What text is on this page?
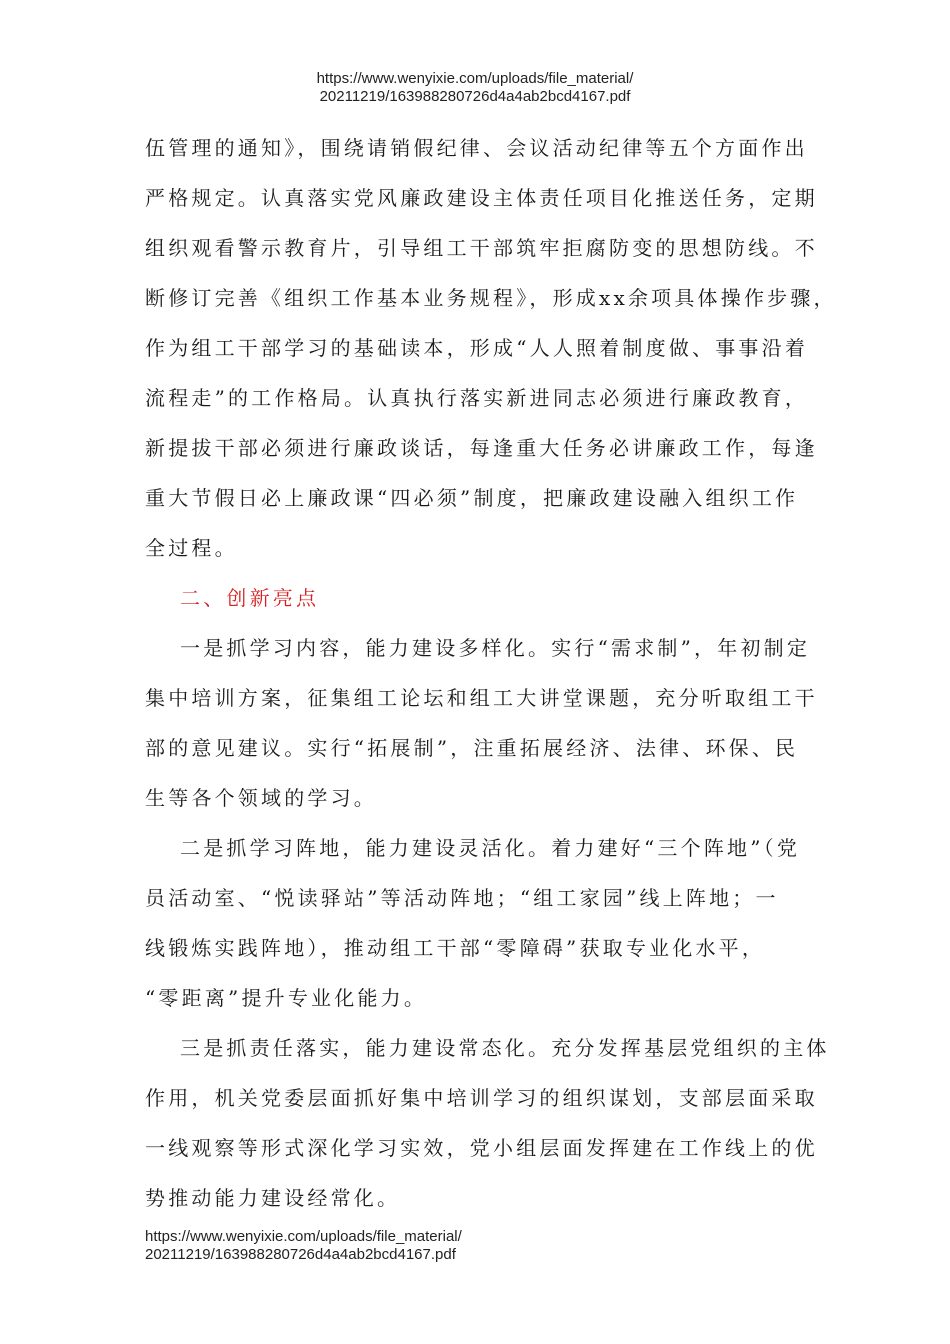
https://www.wenyixie.com/uploads/file_material/
20211219/163988280726d4a4ab2bcd4167.pdf

伍管理的通知》，围绕请销假纪律、会议活动纪律等五个方面作出

严格规定。认真落实党风廉政建设主体责任项目化推送任务，定期

组织观看警示教育片，引导组工干部筑牢拒腐防变的思想防线。不

断修订完善《组织工作基本业务规程》，形成xx余项具体操作步骤，

作为组工干部学习的基础读本，形成“人人照着制度做、事事沿着

流程走”的工作格局。认真执行落实新进同志必须进行廉政教育，

新提拔干部必须进行廉政谈话，每逢重大任务必讲廉政工作，每逢

重大节假日必上廉政课“四必须”制度，把廉政建设融入组织工作

全过程。

二、创新亮点

一是抓学习内容，能力建设多样化。实行“需求制”，年初制定

集中培训方案，征集组工论坛和组工大讲堂课题，充分听取组工干

部的意见建议。实行“拓展制”，注重拓展经济、法律、环保、民

生等各个领域的学习。

二是抓学习阵地，能力建设灵活化。着力建好“三个阵地”（党

员活动室、“悦读驿站”等活动阵地；“组工家园”线上阵地；一

线锻炼实践阵地），推动组工干部“零障碍”获取专业化水平，

“零距离”提升专业化能力。

三是抓责任落实，能力建设常态化。充分发挥基层党组织的主体

作用，机关党委层面抓好集中培训学习的组织谋划，支部层面采取

一线观察等形式深化学习实效，党小组层面发挥建在工作线上的优

势推动能力建设经常化。

https://www.wenyixie.com/uploads/file_material/
20211219/163988280726d4a4ab2bcd4167.pdf
